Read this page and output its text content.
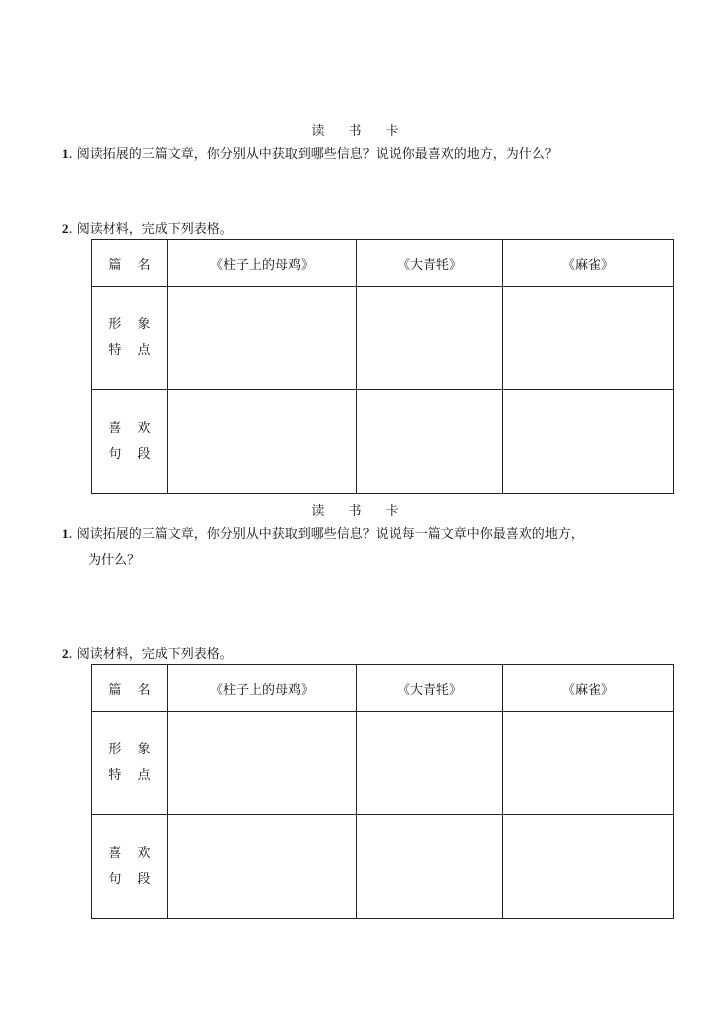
读 书 卡
1. 阅读拓展的三篇文章，你分别从中获取到哪些信息？说说你最喜欢的地方，为什么？
2. 阅读材料，完成下列表格。
篇 名	《柱子上的母鸡》	《大青牦》	《麻雀》

形 象
特 点			

喜 欢
句 段			

读 书 卡
1. 阅读拓展的三篇文章，你分别从中获取到哪些信息？说说每一篇文章中你最喜欢的地方，
为什么？
2. 阅读材料，完成下列表格。
篇 名	《柱子上的母鸡》	《大青牦》	《麻雀》

形 象
特 点			

喜 欢
句 段			
